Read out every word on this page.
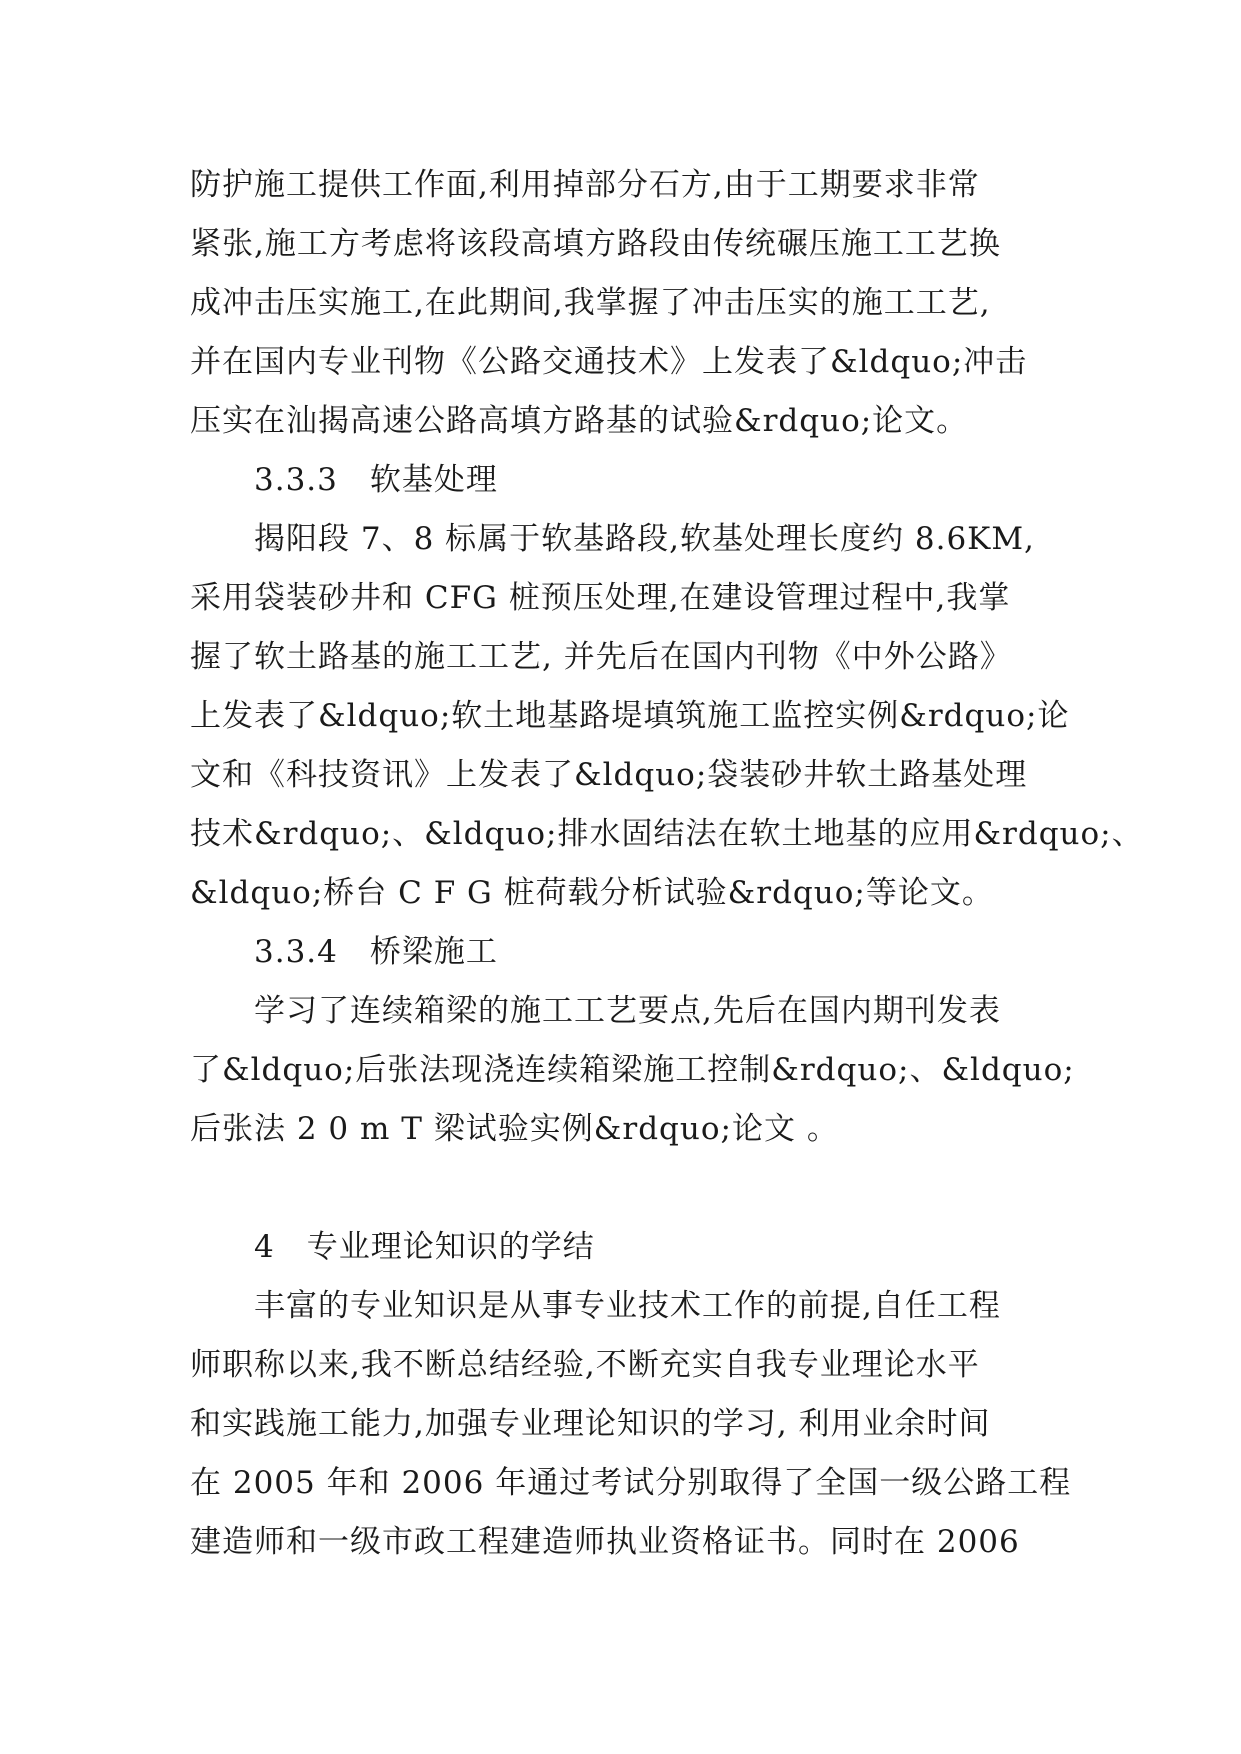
防护施工提供工作面,利用掉部分石方,由于工期要求非常
紧张,施工方考虑将该段高填方路段由传统碾压施工工艺换
成冲击压实施工,在此期间,我掌握了冲击压实的施工工艺,
并在国内专业刊物《公路交通技术》上发表了&ldquo;冲击
压实在汕揭高速公路高填方路基的试验&rdquo;论文。
3.3.3　软基处理
揭阳段 7、8 标属于软基路段,软基处理长度约 8.6KM,
采用袋装砂井和 CFG 桩预压处理,在建设管理过程中,我掌
握了软土路基的施工工艺, 并先后在国内刊物《中外公路》
上发表了&ldquo;软土地基路堤填筑施工监控实例&rdquo;论
文和《科技资讯》上发表了&ldquo;袋装砂井软土路基处理
技术&rdquo;、&ldquo;排水固结法在软土地基的应用&rdquo;、
&ldquo;桥台 C F G 桩荷载分析试验&rdquo;等论文。
3.3.4　桥梁施工
学习了连续箱梁的施工工艺要点,先后在国内期刊发表
了&ldquo;后张法现浇连续箱梁施工控制&rdquo;、&ldquo;
后张法 2 0 m T 梁试验实例&rdquo;论文 。
4　专业理论知识的学结
丰富的专业知识是从事专业技术工作的前提,自任工程
师职称以来,我不断总结经验,不断充实自我专业理论水平
和实践施工能力,加强专业理论知识的学习, 利用业余时间
在 2005 年和 2006 年通过考试分别取得了全国一级公路工程
建造师和一级市政工程建造师执业资格证书。同时在 2006
